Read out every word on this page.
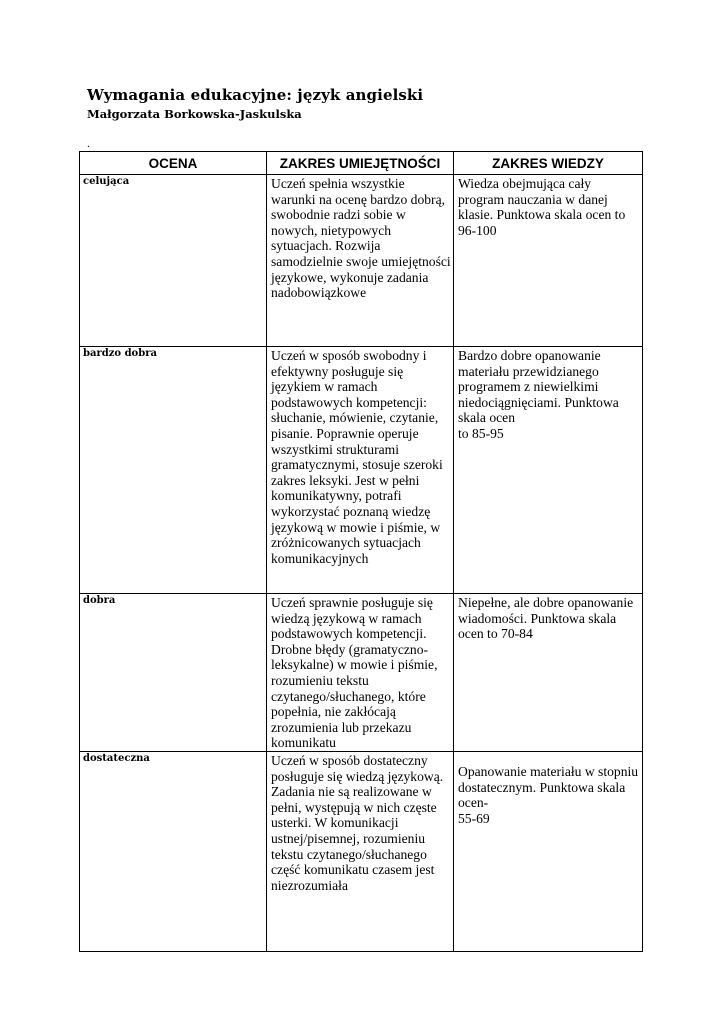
Wymagania edukacyjne: język angielski
Małgorzata Borkowska-Jaskulska
.
OCENA	ZAKRES UMIEJĘTNOŚCI	ZAKRES WIEDZY

celująca	Uczeń spełnia wszystkie warunki na ocenę bardzo dobrą, swobodnie radzi sobie w nowych, nietypowych sytuacjach. Rozwija samodzielnie swoje umiejętności językowe, wykonuje zadania nadobowiązkowe	Wiedza obejmująca cały program nauczania w danej klasie. Punktowa skala ocen to 96-100

bardzo dobra	Uczeń w sposób swobodny i efektywny posługuje się językiem w ramach podstawowych kompetencji: słuchanie, mówienie, czytanie, pisanie. Poprawnie operuje wszystkimi strukturami gramatycznymi, stosuje szeroki zakres leksyki. Jest w pełni komunikatywny, potrafi wykorzystać poznaną wiedzę językową w mowie i piśmie, w zróżnicowanych sytuacjach komunikacyjnych	Bardzo dobre opanowanie materiału przewidzianego programem z niewielkimi niedociągnięciami. Punktowa skala ocen
to 85-95

dobra	Uczeń sprawnie posługuje się wiedzą językową w ramach podstawowych kompetencji. Drobne błędy (gramatyczno-leksykalne) w mowie i piśmie, rozumieniu tekstu czytanego/słuchanego, które popełnia, nie zakłócają zrozumienia lub przekazu komunikatu	Niepełne, ale dobre opanowanie wiadomości. Punktowa skala ocen to 70-84

dostateczna	Uczeń w sposób dostateczny posługuje się wiedzą językową. Zadania nie są realizowane w pełni, występują w nich częste usterki. W komunikacji ustnej/pisemnej, rozumieniu tekstu czytanego/słuchanego część komunikatu czasem jest niezrozumiała	Opanowanie materiału w stopniu dostatecznym. Punktowa skala ocen-
55-69
